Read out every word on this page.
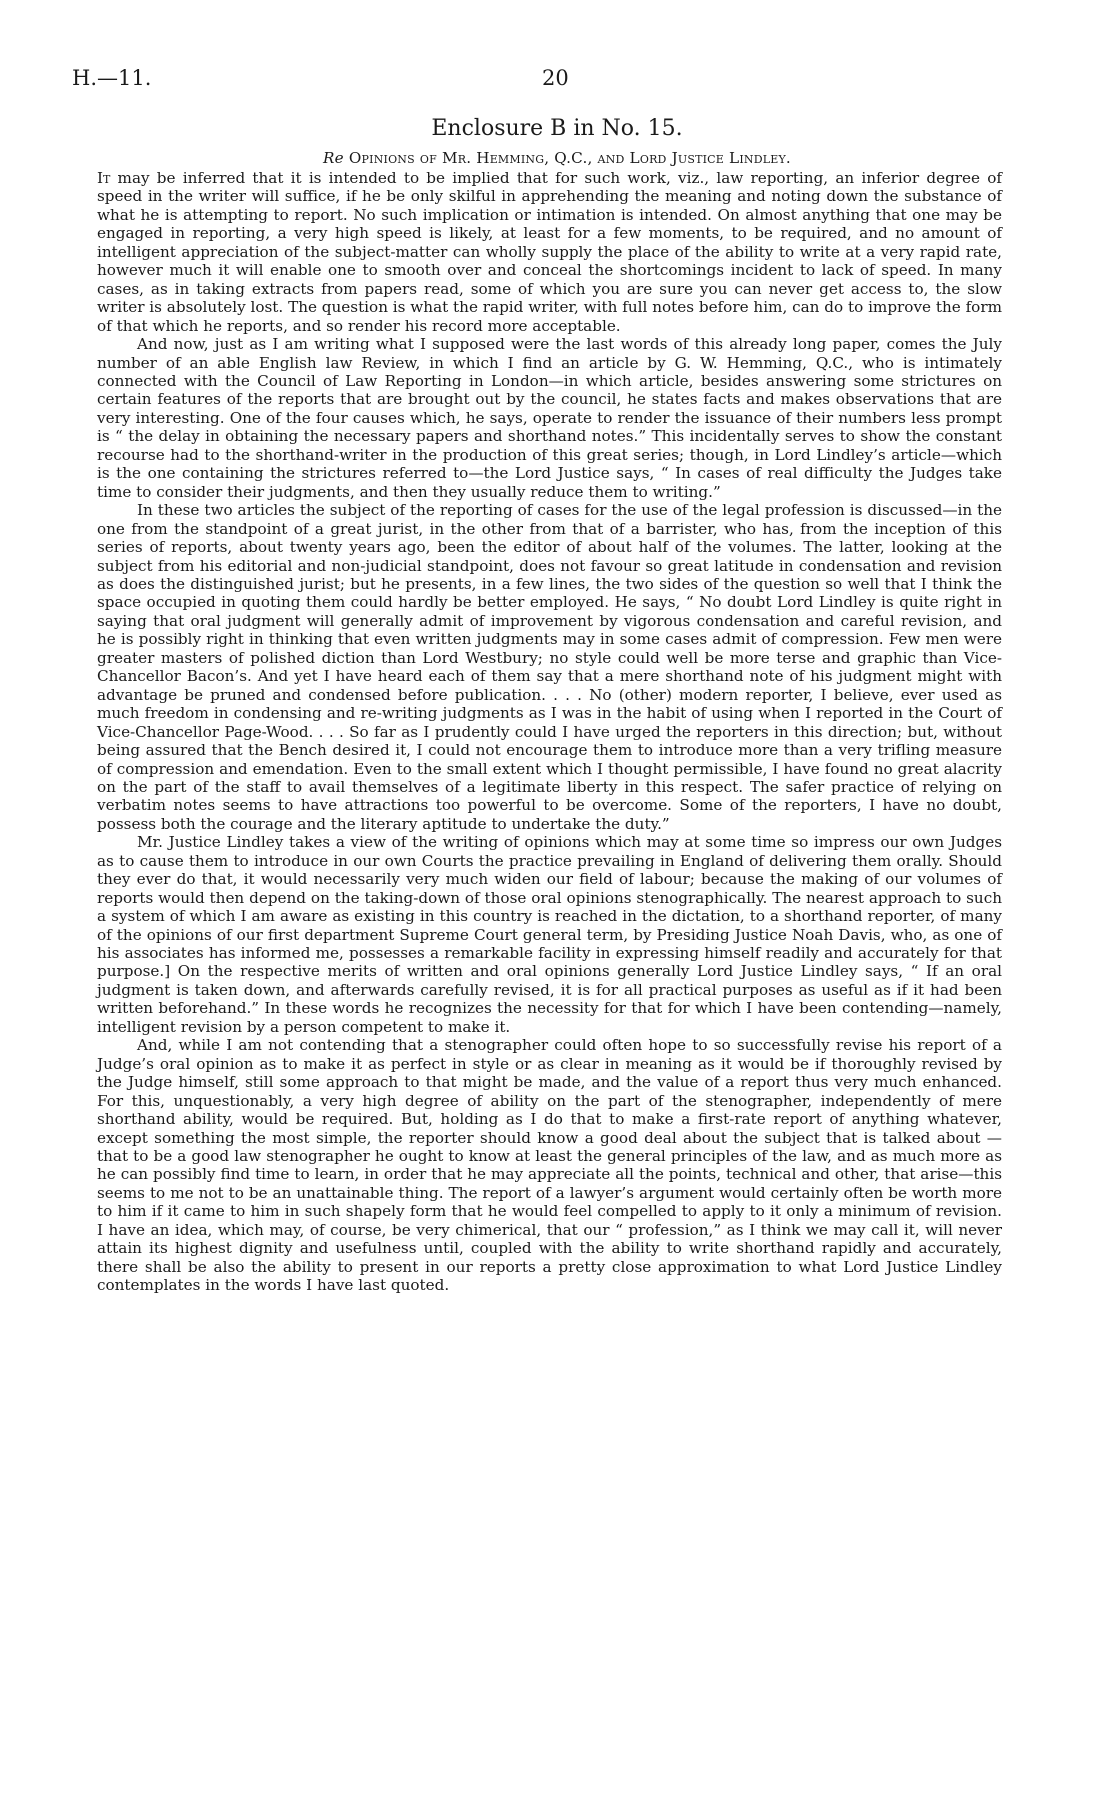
H.—11.	20
Enclosure B in No. 15.
Re Opinions of Mr. Hemming, Q.C., and Lord Justice Lindley.

It may be inferred that it is intended to be implied that for such work, viz., law reporting, an inferior degree of speed in the writer will suffice, if he be only skilful in apprehending the meaning and noting down the substance of what he is attempting to report. No such implication or intimation is intended. On almost anything that one may be engaged in reporting, a very high speed is likely, at least for a few moments, to be required, and no amount of intelligent appreciation of the subject-matter can wholly supply the place of the ability to write at a very rapid rate, however much it will enable one to smooth over and conceal the shortcomings incident to lack of speed. In many cases, as in taking extracts from papers read, some of which you are sure you can never get access to, the slow writer is absolutely lost. The question is what the rapid writer, with full notes before him, can do to improve the form of that which he reports, and so render his record more acceptable.

And now, just as I am writing what I supposed were the last words of this already long paper, comes the July number of an able English law Review, in which I find an article by G. W. Hemming, Q.C., who is intimately connected with the Council of Law Reporting in London—in which article, besides answering some strictures on certain features of the reports that are brought out by the council, he states facts and makes observations that are very interesting. One of the four causes which, he says, operate to render the issuance of their numbers less prompt is “ the delay in obtaining the necessary papers and shorthand notes.” This incidentally serves to show the constant recourse had to the shorthand-writer in the production of this great series; though, in Lord Lindley’s article—which is the one containing the strictures referred to—the Lord Justice says, “ In cases of real difficulty the Judges take time to consider their judgments, and then they usually reduce them to writing.”

In these two articles the subject of the reporting of cases for the use of the legal profession is discussed—in the one from the standpoint of a great jurist, in the other from that of a barrister, who has, from the inception of this series of reports, about twenty years ago, been the editor of about half of the volumes. The latter, looking at the subject from his editorial and non-judicial standpoint, does not favour so great latitude in condensation and revision as does the distinguished jurist; but he presents, in a few lines, the two sides of the question so well that I think the space occupied in quoting them could hardly be better employed. He says, “ No doubt Lord Lindley is quite right in saying that oral judgment will generally admit of improvement by vigorous condensation and careful revision, and he is possibly right in thinking that even written judgments may in some cases admit of compression. Few men were greater masters of polished diction than Lord Westbury; no style could well be more terse and graphic than Vice-Chancellor Bacon’s. And yet I have heard each of them say that a mere shorthand note of his judgment might with advantage be pruned and condensed before publication. . . . No (other) modern reporter, I believe, ever used as much freedom in condensing and re-writing judgments as I was in the habit of using when I reported in the Court of Vice-Chancellor Page-Wood. . . . So far as I prudently could I have urged the reporters in this direction; but, without being assured that the Bench desired it, I could not encourage them to introduce more than a very trifling measure of compression and emendation. Even to the small extent which I thought permissible, I have found no great alacrity on the part of the staff to avail themselves of a legitimate liberty in this respect. The safer practice of relying on verbatim notes seems to have attractions too powerful to be overcome. Some of the reporters, I have no doubt, possess both the courage and the literary aptitude to undertake the duty.”

Mr. Justice Lindley takes a view of the writing of opinions which may at some time so impress our own Judges as to cause them to introduce in our own Courts the practice prevailing in England of delivering them orally. Should they ever do that, it would necessarily very much widen our field of labour; because the making of our volumes of reports would then depend on the taking-down of those oral opinions stenographically. The nearest approach to such a system of which I am aware as existing in this country is reached in the dictation, to a shorthand reporter, of many of the opinions of our first department Supreme Court general term, by Presiding Justice Noah Davis, who, as one of his associates has informed me, possesses a remarkable facility in expressing himself readily and accurately for that purpose.] On the respective merits of written and oral opinions generally Lord Justice Lindley says, “ If an oral judgment is taken down, and afterwards carefully revised, it is for all practical purposes as useful as if it had been written beforehand.” In these words he recognizes the necessity for that for which I have been contending—namely, intelligent revision by a person competent to make it.

And, while I am not contending that a stenographer could often hope to so successfully revise his report of a Judge’s oral opinion as to make it as perfect in style or as clear in meaning as it would be if thoroughly revised by the Judge himself, still some approach to that might be made, and the value of a report thus very much enhanced. For this, unquestionably, a very high degree of ability on the part of the stenographer, independently of mere shorthand ability, would be required. But, holding as I do that to make a first-rate report of anything whatever, except something the most simple, the reporter should know a good deal about the subject that is talked about —that to be a good law stenographer he ought to know at least the general principles of the law, and as much more as he can possibly find time to learn, in order that he may appreciate all the points, technical and other, that arise—this seems to me not to be an unattainable thing. The report of a lawyer’s argument would certainly often be worth more to him if it came to him in such shapely form that he would feel compelled to apply to it only a minimum of revision. I have an idea, which may, of course, be very chimerical, that our “ profession,” as I think we may call it, will never attain its highest dignity and usefulness until, coupled with the ability to write shorthand rapidly and accurately, there shall be also the ability to present in our reports a pretty close approximation to what Lord Justice Lindley contemplates in the words I have last quoted.
